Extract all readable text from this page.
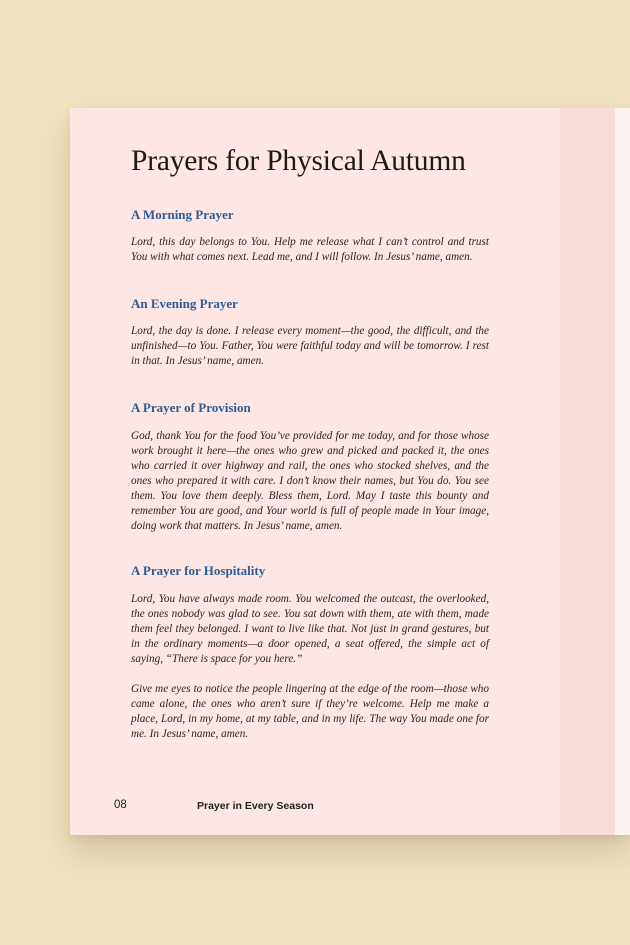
Prayers for Physical Autumn
A Morning Prayer

Lord, this day belongs to You. Help me release what I can’t control and trust You with what comes next. Lead me, and I will follow. In Jesus’ name, amen.

An Evening Prayer

Lord, the day is done. I release every moment—the good, the difficult, and the unfinished—to You. Father, You were faithful today and will be tomorrow. I rest in that. In Jesus’ name, amen.

A Prayer of Provision

God, thank You for the food You’ve provided for me today, and for those whose work brought it here—the ones who grew and picked and packed it, the ones who carried it over highway and rail, the ones who stocked shelves, and the ones who prepared it with care. I don’t know their names, but You do. You see them. You love them deeply. Bless them, Lord. May I taste this bounty and remember You are good, and Your world is full of people made in Your image, doing work that matters. In Jesus’ name, amen.

A Prayer for Hospitality

Lord, You have always made room. You welcomed the outcast, the overlooked, the ones nobody was glad to see. You sat down with them, ate with them, made them feel they belonged. I want to live like that. Not just in grand gestures, but in the ordinary moments—a door opened, a seat offered, the simple act of saying, “There is space for you here.”

Give me eyes to notice the people lingering at the edge of the room—those who came alone, the ones who aren’t sure if they’re welcome. Help me make a place, Lord, in my home, at my table, and in my life. The way You made one for me. In Jesus’ name, amen.

08	Prayer in Every Season
